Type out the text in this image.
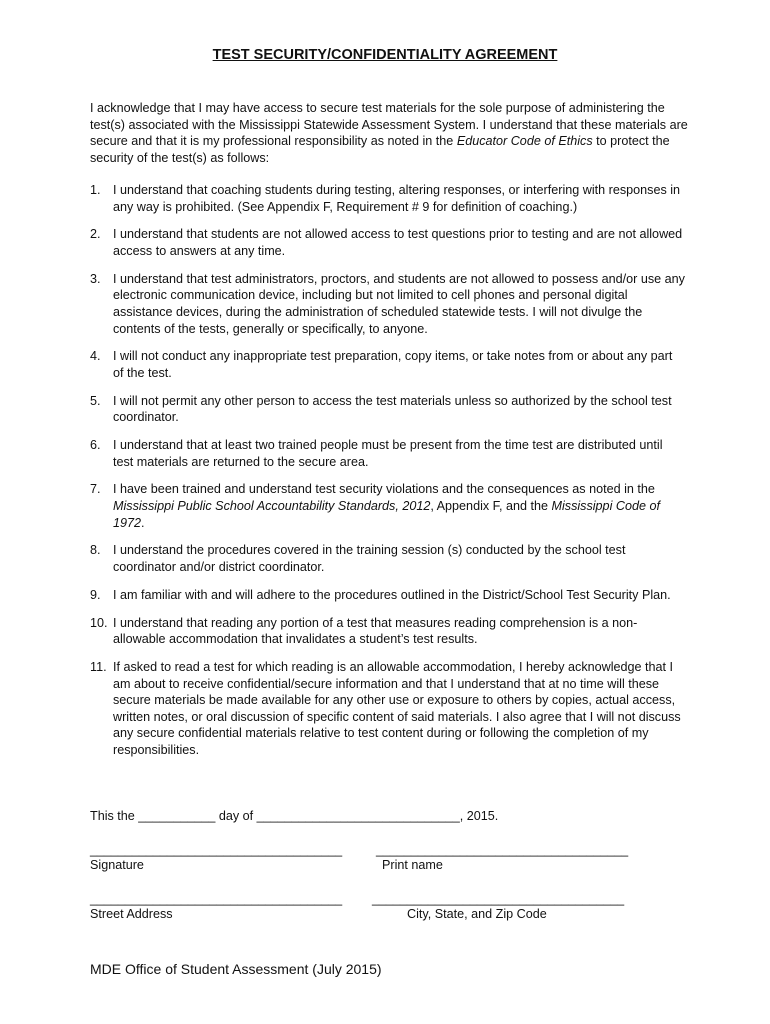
TEST SECURITY/CONFIDENTIALITY AGREEMENT

I acknowledge that I may have access to secure test materials for the sole purpose of administering the test(s) associated with the Mississippi Statewide Assessment System. I understand that these materials are secure and that it is my professional responsibility as noted in the Educator Code of Ethics to protect the security of the test(s) as follows:

1. I understand that coaching students during testing, altering responses, or interfering with responses in any way is prohibited. (See Appendix F, Requirement # 9 for definition of coaching.)
2. I understand that students are not allowed access to test questions prior to testing and are not allowed access to answers at any time.
3. I understand that test administrators, proctors, and students are not allowed to possess and/or use any electronic communication device, including but not limited to cell phones and personal digital assistance devices, during the administration of scheduled statewide tests. I will not divulge the contents of the tests, generally or specifically, to anyone.
4. I will not conduct any inappropriate test preparation, copy items, or take notes from or about any part of the test.
5. I will not permit any other person to access the test materials unless so authorized by the school test coordinator.
6. I understand that at least two trained people must be present from the time test are distributed until test materials are returned to the secure area.
7. I have been trained and understand test security violations and the consequences as noted in the Mississippi Public School Accountability Standards, 2012, Appendix F, and the Mississippi Code of 1972.
8. I understand the procedures covered in the training session (s) conducted by the school test coordinator and/or district coordinator.
9. I am familiar with and will adhere to the procedures outlined in the District/School Test Security Plan.
10. I understand that reading any portion of a test that measures reading comprehension is a non-allowable accommodation that invalidates a student’s test results.
11. If asked to read a test for which reading is an allowable accommodation, I hereby acknowledge that I am about to receive confidential/secure information and that I understand that at no time will these secure materials be made available for any other use or exposure to others by copies, actual access, written notes, or oral discussion of specific content of said materials. I also agree that I will not discuss any secure confidential materials relative to test content during or following the completion of my responsibilities.
This the ___________ day of _____________________________, 2015.
____________________________________	____________________________________
Signature	Print name
____________________________________ ____________________________________
Street Address	City, State, and Zip Code
MDE Office of Student Assessment (July 2015)
